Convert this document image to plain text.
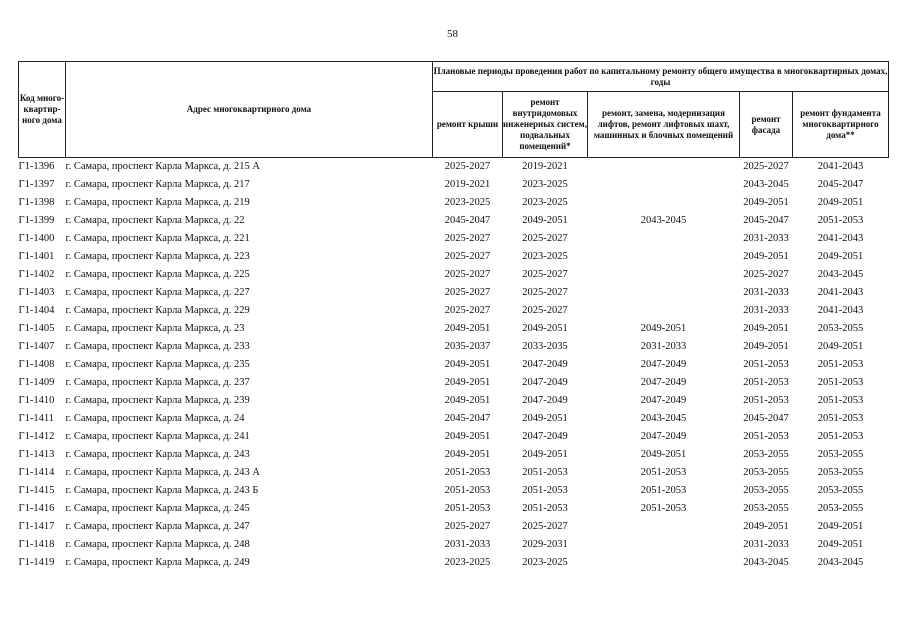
58
Код много-квартир-ного дома	Адрес многоквартирного дома	Плановые периоды проведения работ по капитальному ремонту общего имущества в многоквартирных домах, годы				
		ремонт крыши	ремонт внутридомовых инженерных систем, подвальных помещений*	ремонт, замена, модернизация лифтов, ремонт лифтовых шахт, машинных и блочных помещений	ремонт фасада	ремонт фундамента многоквартирного дома**
Г1-1396	г. Самара, проспект Карла Маркса, д. 215 А	2025-2027	2019-2021		2025-2027	2041-2043
Г1-1397	г. Самара, проспект Карла Маркса, д. 217	2019-2021	2023-2025		2043-2045	2045-2047
Г1-1398	г. Самара, проспект Карла Маркса, д. 219	2023-2025	2023-2025		2049-2051	2049-2051
Г1-1399	г. Самара, проспект Карла Маркса, д. 22	2045-2047	2049-2051	2043-2045	2045-2047	2051-2053
Г1-1400	г. Самара, проспект Карла Маркса, д. 221	2025-2027	2025-2027		2031-2033	2041-2043
Г1-1401	г. Самара, проспект Карла Маркса, д. 223	2025-2027	2023-2025		2049-2051	2049-2051
Г1-1402	г. Самара, проспект Карла Маркса, д. 225	2025-2027	2025-2027		2025-2027	2043-2045
Г1-1403	г. Самара, проспект Карла Маркса, д. 227	2025-2027	2025-2027		2031-2033	2041-2043
Г1-1404	г. Самара, проспект Карла Маркса, д. 229	2025-2027	2025-2027		2031-2033	2041-2043
Г1-1405	г. Самара, проспект Карла Маркса, д. 23	2049-2051	2049-2051	2049-2051	2049-2051	2053-2055
Г1-1407	г. Самара, проспект Карла Маркса, д. 233	2035-2037	2033-2035	2031-2033	2049-2051	2049-2051
Г1-1408	г. Самара, проспект Карла Маркса, д. 235	2049-2051	2047-2049	2047-2049	2051-2053	2051-2053
Г1-1409	г. Самара, проспект Карла Маркса, д. 237	2049-2051	2047-2049	2047-2049	2051-2053	2051-2053
Г1-1410	г. Самара, проспект Карла Маркса, д. 239	2049-2051	2047-2049	2047-2049	2051-2053	2051-2053
Г1-1411	г. Самара, проспект Карла Маркса, д. 24	2045-2047	2049-2051	2043-2045	2045-2047	2051-2053
Г1-1412	г. Самара, проспект Карла Маркса, д. 241	2049-2051	2047-2049	2047-2049	2051-2053	2051-2053
Г1-1413	г. Самара, проспект Карла Маркса, д. 243	2049-2051	2049-2051	2049-2051	2053-2055	2053-2055
Г1-1414	г. Самара, проспект Карла Маркса, д. 243 А	2051-2053	2051-2053	2051-2053	2053-2055	2053-2055
Г1-1415	г. Самара, проспект Карла Маркса, д. 243 Б	2051-2053	2051-2053	2051-2053	2053-2055	2053-2055
Г1-1416	г. Самара, проспект Карла Маркса, д. 245	2051-2053	2051-2053	2051-2053	2053-2055	2053-2055
Г1-1417	г. Самара, проспект Карла Маркса, д. 247	2025-2027	2025-2027		2049-2051	2049-2051
Г1-1418	г. Самара, проспект Карла Маркса, д. 248	2031-2033	2029-2031		2031-2033	2049-2051
Г1-1419	г. Самара, проспект Карла Маркса, д. 249	2023-2025	2023-2025		2043-2045	2043-2045
